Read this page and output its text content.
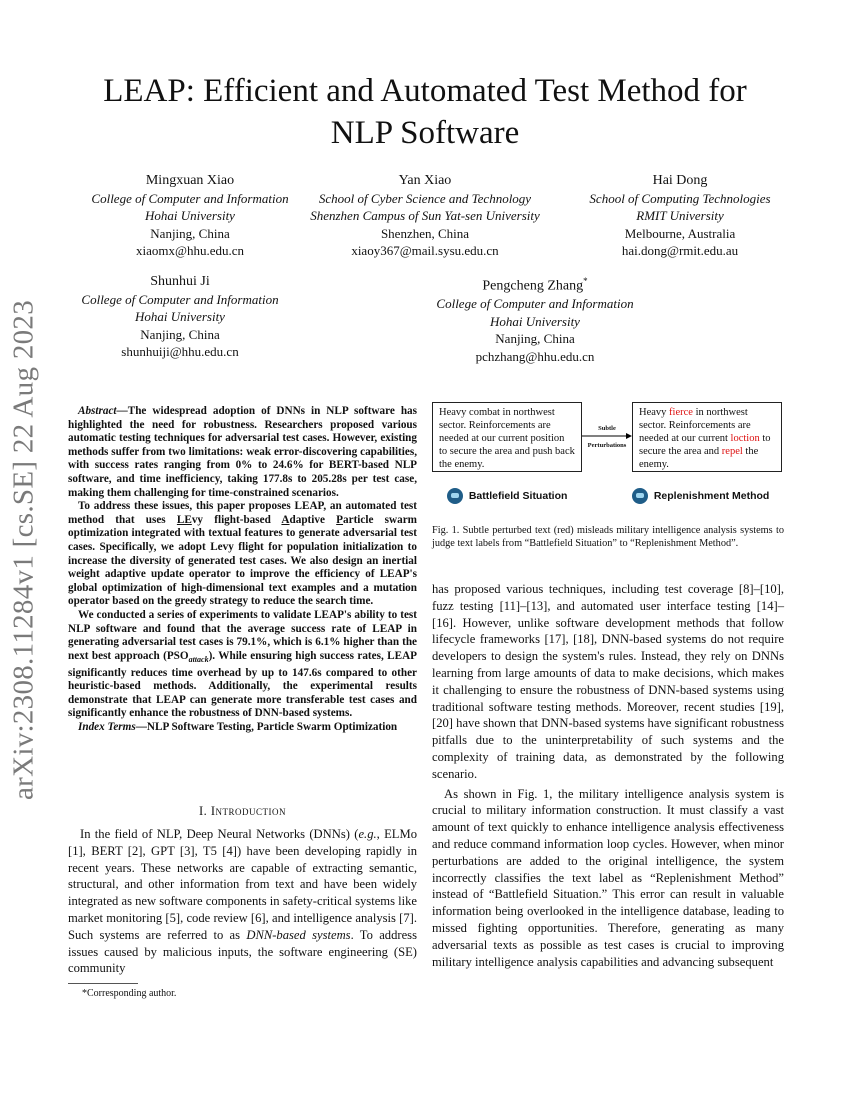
arXiv:2308.11284v1 [cs.SE] 22 Aug 2023
LEAP: Efficient and Automated Test Method for
NLP Software
Mingxuan Xiao
College of Computer and Information
Hohai University
Nanjing, China
xiaomx@hhu.edu.cn
Yan Xiao
School of Cyber Science and Technology
Shenzhen Campus of Sun Yat-sen University
Shenzhen, China
xiaoy367@mail.sysu.edu.cn
Hai Dong
School of Computing Technologies
RMIT University
Melbourne, Australia
hai.dong@rmit.edu.au
Shunhui Ji
College of Computer and Information
Hohai University
Nanjing, China
shunhuiji@hhu.edu.cn
Pengcheng Zhang*
College of Computer and Information
Hohai University
Nanjing, China
pchzhang@hhu.edu.cn

Abstract—The widespread adoption of DNNs in NLP software has highlighted the need for robustness. Researchers proposed various automatic testing techniques for adversarial test cases. However, existing methods suffer from two limitations: weak error-discovering capabilities, with success rates ranging from 0% to 24.6% for BERT-based NLP software, and time inefficiency, taking 177.8s to 205.28s per test case, making them challenging for time-constrained scenarios.

To address these issues, this paper proposes LEAP, an automated test method that uses LEvy flight-based Adaptive Particle swarm optimization integrated with textual features to generate adversarial test cases. Specifically, we adopt Levy flight for population initialization to increase the diversity of generated test cases. We also design an inertial weight adaptive update operator to improve the efficiency of LEAP's global optimization of high-dimensional text examples and a mutation operator based on the greedy strategy to reduce the search time.

We conducted a series of experiments to validate LEAP's ability to test NLP software and found that the average success rate of LEAP in generating adversarial test cases is 79.1%, which is 6.1% higher than the next best approach $(PSO_{attack})$. While ensuring high success rates, LEAP significantly reduces time overhead by up to 147.6s compared to other heuristic-based methods. Additionally, the experimental results demonstrate that LEAP can generate more transferable test cases and significantly enhance the robustness of DNN-based systems.

Index Terms—NLP Software Testing, Particle Swarm Optimization

I. Introduction

In the field of NLP, Deep Neural Networks (DNNs) (e.g., ELMo [1], BERT [2], GPT [3], T5 [4]) have been developing rapidly in recent years. These networks are capable of extracting semantic, structural, and other information from text and have been widely integrated as new software components in safety-critical systems like market monitoring [5], code review [6], and intelligence analysis [7]. Such systems are referred to as DNN-based systems. To address issues caused by malicious inputs, the software engineering (SE) community

*Corresponding author.
Heavy combat in northwest sector. Reinforcements are needed at our current position to secure the area and push back the enemy.
Subtle
Perturbations
Heavy fierce in northwest sector. Reinforcements are needed at our current loction to secure the area and repel the enemy.
Battlefield Situation	Replenishment Method
Fig. 1. Subtle perturbed text (red) misleads military intelligence analysis systems to judge text labels from “Battlefield Situation” to “Replenishment Method”.

has proposed various techniques, including test coverage [8]–[10], fuzz testing [11]–[13], and automated user interface testing [14]–[16]. However, unlike software development methods that follow lifecycle frameworks [17], [18], DNN-based systems do not require developers to design the system's rules. Instead, they rely on DNNs learning from large amounts of data to make decisions, which makes it challenging to ensure the robustness of DNN-based systems using traditional software testing methods. Moreover, recent studies [19], [20] have shown that DNN-based systems have significant robustness pitfalls due to the uninterpretability of such systems and the complexity of training data, as demonstrated by the following scenario.

As shown in Fig. 1, the military intelligence analysis system is crucial to military information construction. It must classify a vast amount of text quickly to enhance intelligence analysis effectiveness and reduce command information loop cycles. However, when minor perturbations are added to the original intelligence, the system incorrectly classifies the text label as “Replenishment Method” instead of “Battlefield Situation.” This error can result in valuable information being overlooked in the intelligence database, leading to missed fighting opportunities. Therefore, generating as many adversarial texts as possible as test cases is crucial to improving military intelligence analysis capabilities and advancing subsequent
